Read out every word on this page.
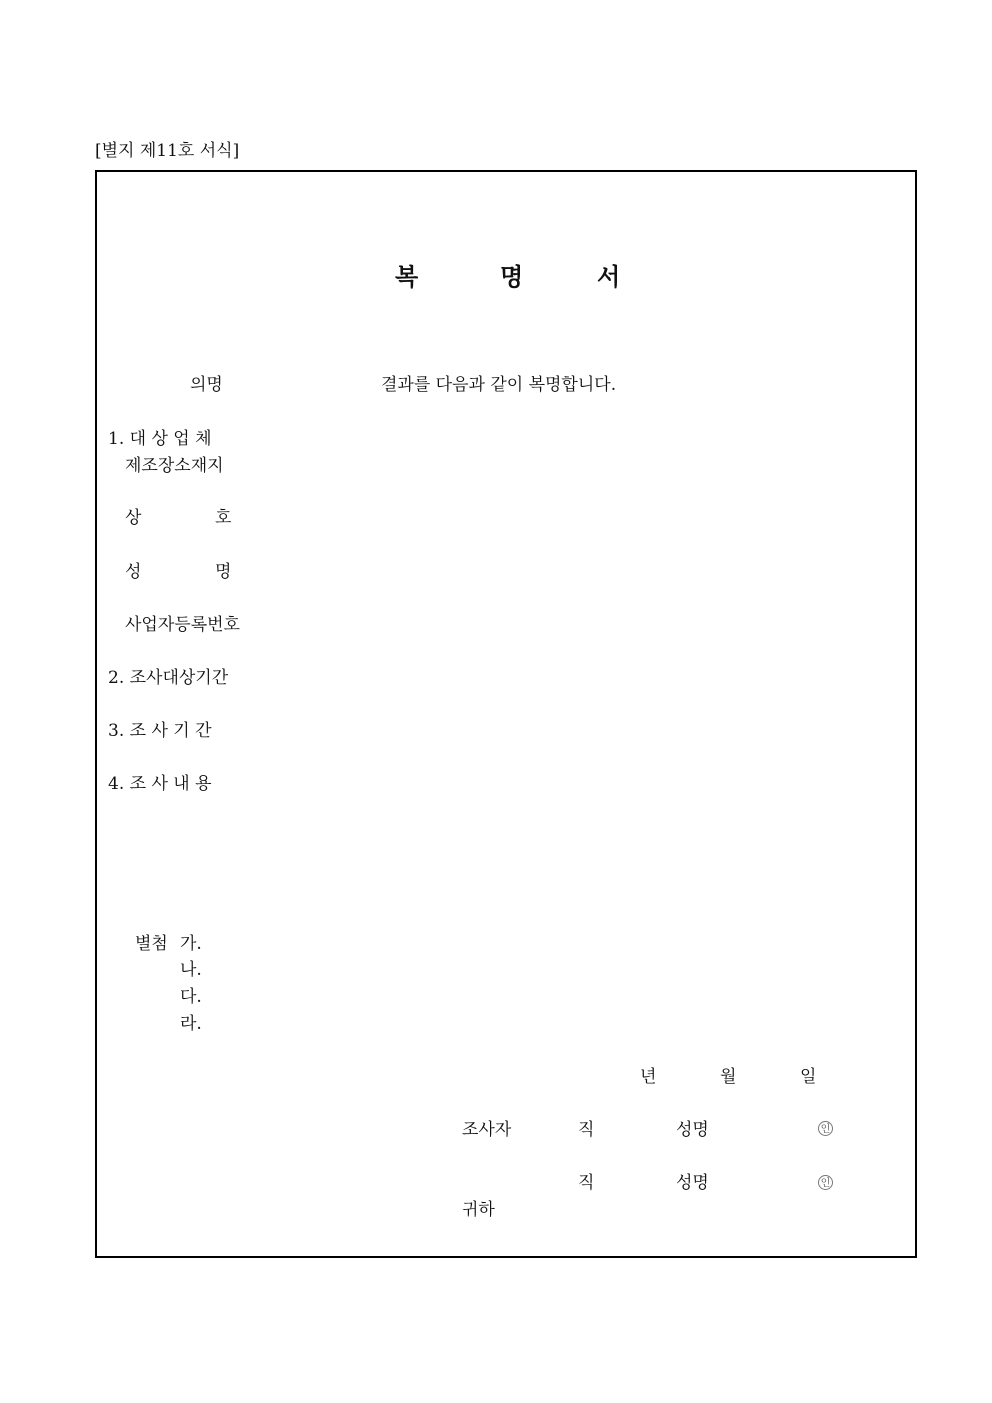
[별지 제11호 서식]
복	명	서
의명	결과를 다음과 같이 복명합니다.
1. 대 상 업 체
제조장소재지
상	호
성	명
사업자등록번호
2. 조사대상기간
3. 조 사 기 간
4. 조 사 내 용
별첨 가.
나.
다.
라.
년	월	일
조사자	직	성명	인
직	성명	인
귀하
